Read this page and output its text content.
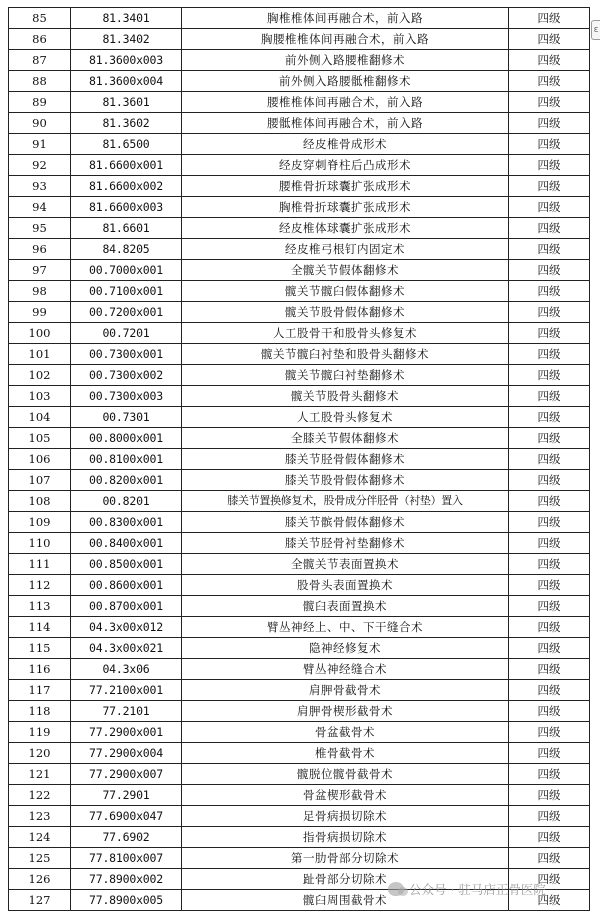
85	81.3401	胸椎椎体间再融合术，前入路	四级
86	81.3402	胸腰椎椎体间再融合术，前入路	四级
87	81.3600x003	前外侧入路腰椎翻修术	四级
88	81.3600x004	前外侧入路腰骶椎翻修术	四级
89	81.3601	腰椎椎体间再融合术，前入路	四级
90	81.3602	腰骶椎体间再融合术，前入路	四级
91	81.6500	经皮椎骨成形术	四级
92	81.6600x001	经皮穿刺脊柱后凸成形术	四级
93	81.6600x002	腰椎骨折球囊扩张成形术	四级
94	81.6600x003	胸椎骨折球囊扩张成形术	四级
95	81.6601	经皮椎体球囊扩张成形术	四级
96	84.8205	经皮椎弓根钉内固定术	四级
97	00.7000x001	全髋关节假体翻修术	四级
98	00.7100x001	髋关节髋臼假体翻修术	四级
99	00.7200x001	髋关节股骨假体翻修术	四级
100	00.7201	人工股骨干和股骨头修复术	四级
101	00.7300x001	髋关节髋臼衬垫和股骨头翻修术	四级
102	00.7300x002	髋关节髋臼衬垫翻修术	四级
103	00.7300x003	髋关节股骨头翻修术	四级
104	00.7301	人工股骨头修复术	四级
105	00.8000x001	全膝关节假体翻修术	四级
106	00.8100x001	膝关节胫骨假体翻修术	四级
107	00.8200x001	膝关节股骨假体翻修术	四级
108	00.8201	膝关节置换修复术，股骨成分伴胫骨（衬垫）置入	四级
109	00.8300x001	膝关节髌骨假体翻修术	四级
110	00.8400x001	膝关节胫骨衬垫翻修术	四级
111	00.8500x001	全髋关节表面置换术	四级
112	00.8600x001	股骨头表面置换术	四级
113	00.8700x001	髋臼表面置换术	四级
114	04.3x00x012	臂丛神经上、中、下干缝合术	四级
115	04.3x00x021	隐神经修复术	四级
116	04.3x06	臂丛神经缝合术	四级
117	77.2100x001	肩胛骨截骨术	四级
118	77.2101	肩胛骨楔形截骨术	四级
119	77.2900x001	骨盆截骨术	四级
120	77.2900x004	椎骨截骨术	四级
121	77.2900x007	髋脱位髋骨截骨术	四级
122	77.2901	骨盆楔形截骨术	四级
123	77.6900x047	足骨病损切除术	四级
124	77.6902	指骨病损切除术	四级
125	77.8100x007	第一肋骨部分切除术	四级
126	77.8900x002	趾骨部分切除术	四级
127	77.8900x005	髋臼周围截骨术	四级
ε
公众号 · 驻马店正骨医院
